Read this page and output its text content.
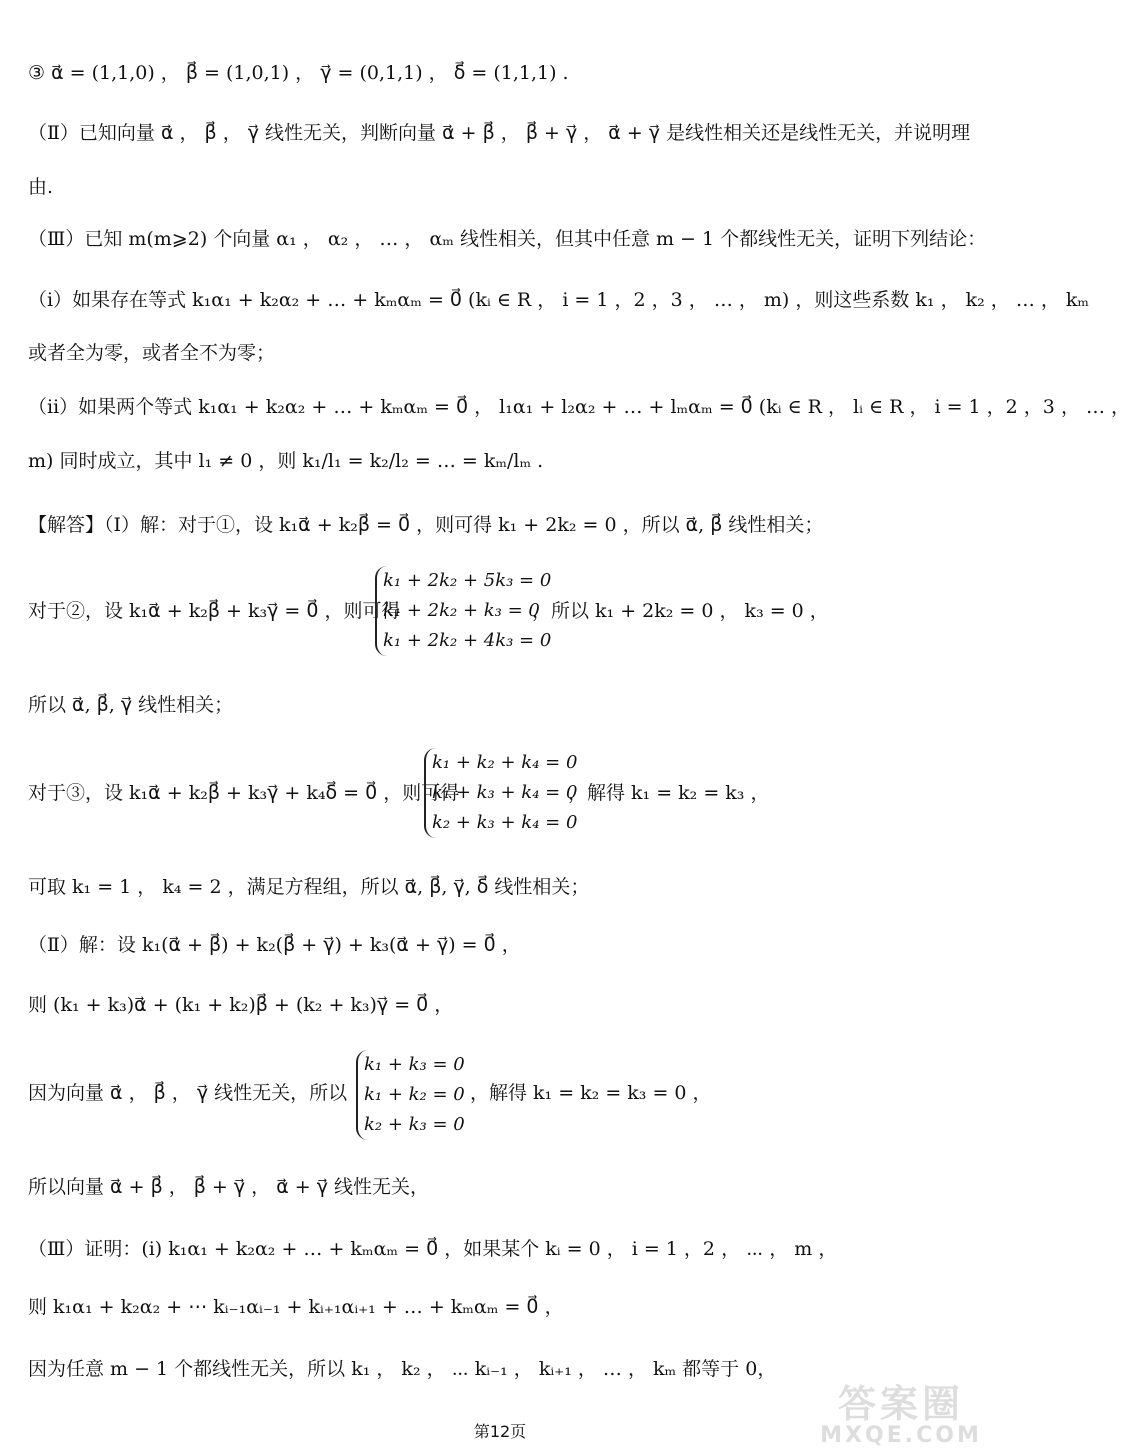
③ α⃗ = (1,1,0) ， β⃗ = (1,0,1) ， γ⃗ = (0,1,1) ， δ⃗ = (1,1,1) .
（Ⅱ）已知向量 α⃗ ， β⃗ ， γ⃗ 线性无关，判断向量 α⃗ + β⃗ ， β⃗ + γ⃗ ， α⃗ + γ⃗ 是线性相关还是线性无关，并说明理
由.
（Ⅲ）已知 m(m⩾2) 个向量 α₁ ， α₂ ， … ， αₘ 线性相关，但其中任意 m − 1 个都线性无关，证明下列结论：
（ⅰ）如果存在等式 k₁α₁ + k₂α₂ + … + kₘαₘ = 0⃗ (kᵢ ∈ R ， i = 1 ，2 ，3 ， … ， m) ，则这些系数 k₁ ， k₂ ， … ， kₘ
或者全为零，或者全不为零；
（ⅱ）如果两个等式 k₁α₁ + k₂α₂ + … + kₘαₘ = 0⃗ ， l₁α₁ + l₂α₂ + … + lₘαₘ = 0⃗ (kᵢ ∈ R ， lᵢ ∈ R ， i = 1 ，2 ，3 ， … ，
m) 同时成立，其中 l₁ ≠ 0 ，则 k₁/l₁ = k₂/l₂ = … = kₘ/lₘ .
【解答】（Ⅰ）解：对于①，设 k₁α⃗ + k₂β⃗ = 0⃗ ，则可得 k₁ + 2k₂ = 0 ，所以 α⃗, β⃗ 线性相关；
对于②，设 k₁α⃗ + k₂β⃗ + k₃γ⃗ = 0⃗ ，则可得
k₁ + 2k₂ + 5k₃ = 0
k₁ + 2k₂ + k₃ = 0
k₁ + 2k₂ + 4k₃ = 0
，所以 k₁ + 2k₂ = 0 ， k₃ = 0 ，
所以 α⃗, β⃗, γ⃗ 线性相关；
对于③，设 k₁α⃗ + k₂β⃗ + k₃γ⃗ + k₄δ⃗ = 0⃗ ，则可得
k₁ + k₂ + k₄ = 0
k₁ + k₃ + k₄ = 0
k₂ + k₃ + k₄ = 0
，解得 k₁ = k₂ = k₃ ，
可取 k₁ = 1 ， k₄ = 2 ，满足方程组，所以 α⃗, β⃗, γ⃗, δ⃗ 线性相关；
（Ⅱ）解：设 k₁(α⃗ + β⃗) + k₂(β⃗ + γ⃗) + k₃(α⃗ + γ⃗) = 0⃗ ，
则 (k₁ + k₃)α⃗ + (k₁ + k₂)β⃗ + (k₂ + k₃)γ⃗ = 0⃗ ，
因为向量 α⃗ ， β⃗ ， γ⃗ 线性无关，所以
k₁ + k₃ = 0
k₁ + k₂ = 0
k₂ + k₃ = 0
，解得 k₁ = k₂ = k₃ = 0 ，
所以向量 α⃗ + β⃗ ， β⃗ + γ⃗ ， α⃗ + γ⃗ 线性无关，
（Ⅲ）证明：(i) k₁α₁ + k₂α₂ + … + kₘαₘ = 0⃗ ，如果某个 kᵢ = 0 ， i = 1 ，2 ， ⋯ ， m ，
则 k₁α₁ + k₂α₂ + ⋯ kᵢ₋₁αᵢ₋₁ + kᵢ₊₁αᵢ₊₁ + … + kₘαₘ = 0⃗ ，
因为任意 m − 1 个都线性无关，所以 k₁ ， k₂ ， ⋯ kᵢ₋₁ ， kᵢ₊₁ ， … ， kₘ 都等于 0，
第12页
答案圈
MXQE.COM
